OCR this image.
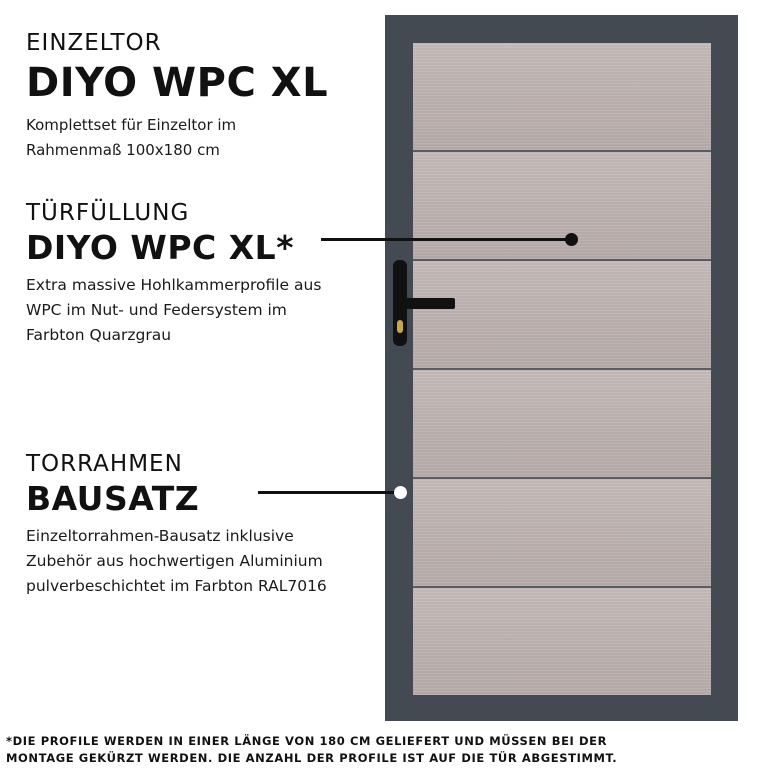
EINZELTOR
DIYO WPC XL
Komplettset für Einzeltor im
Rahmenmaß 100x180 cm
TÜRFÜLLUNG
DIYO WPC XL*
Extra massive Hohlkammerprofile aus
WPC im Nut- und Federsystem im
Farbton Quarzgrau
TORRAHMEN
BAUSATZ
Einzeltorrahmen-Bausatz inklusive
Zubehör aus hochwertigen Aluminium
pulverbeschichtet im Farbton RAL7016
*DIE PROFILE WERDEN IN EINER LÄNGE VON 180 CM GELIEFERT UND MÜSSEN BEI DER
MONTAGE GEKÜRZT WERDEN. DIE ANZAHL DER PROFILE IST AUF DIE TÜR ABGESTIMMT.
